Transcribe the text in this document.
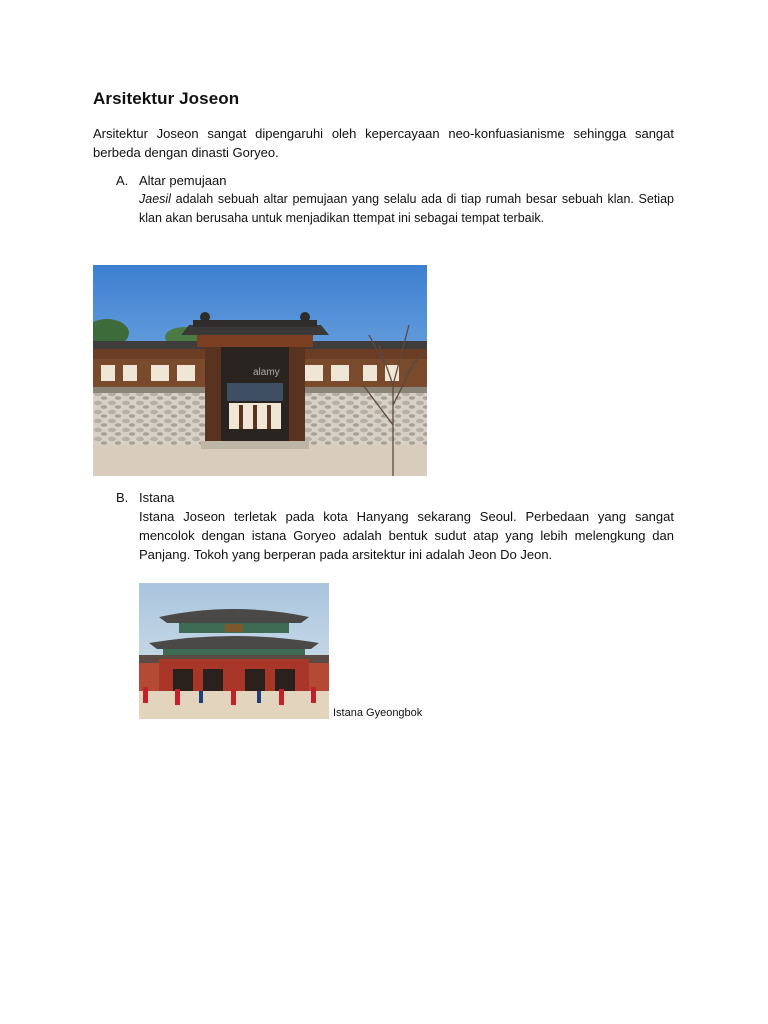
Arsitektur Joseon
Arsitektur Joseon sangat dipengaruhi oleh kepercayaan neo-konfuasianisme sehingga sangat berbeda dengan dinasti Goryeo.
A. Altar pemujaan
Jaesil adalah sebuah altar pemujaan yang selalu ada di tiap rumah besar sebuah klan. Setiap klan akan berusaha untuk menjadikan ttempat ini sebagai tempat terbaik.
alamy
B. Istana
Istana Joseon terletak pada kota Hanyang sekarang Seoul. Perbedaan yang sangat mencolok dengan istana Goryeo adalah bentuk sudut atap yang lebih melengkung dan Panjang. Tokoh yang berperan pada arsitektur ini adalah Jeon Do Jeon.
Istana Gyeongbok
